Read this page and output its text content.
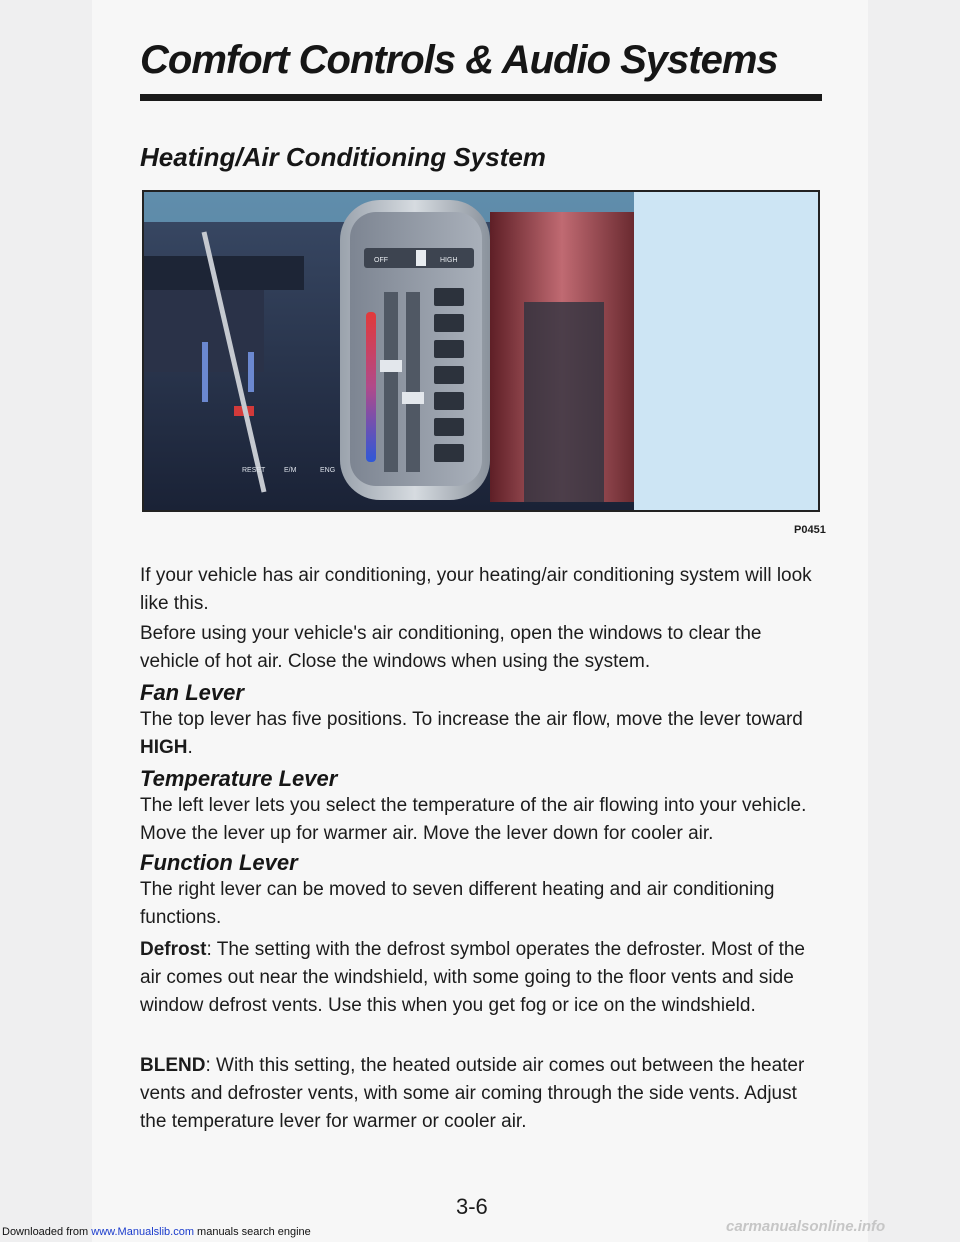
Comfort Controls & Audio Systems
Heating/Air Conditioning System
RESET	E/M	ENG
OFF	HIGH

P0451

If your vehicle has air conditioning, your heating/air conditioning system will look like this.

Before using your vehicle's air conditioning, open the windows to clear the vehicle of hot air. Close the windows when using the system.

Fan Lever

The top lever has five positions. To increase the air flow, move the lever toward HIGH.

Temperature Lever

The left lever lets you select the temperature of the air flowing into your vehicle. Move the lever up for warmer air. Move the lever down for cooler air.

Function Lever

The right lever can be moved to seven different heating and air conditioning functions.

Defrost: The setting with the defrost symbol operates the defroster. Most of the air comes out near the windshield, with some going to the floor vents and side window defrost vents. Use this when you get fog or ice on the windshield.

BLEND: With this setting, the heated outside air comes out between the heater vents and defroster vents, with some air coming through the side vents. Adjust the temperature lever for warmer or cooler air.

3-6

Downloaded from www.Manualslib.com manuals search engine	carmanualsonline.info
